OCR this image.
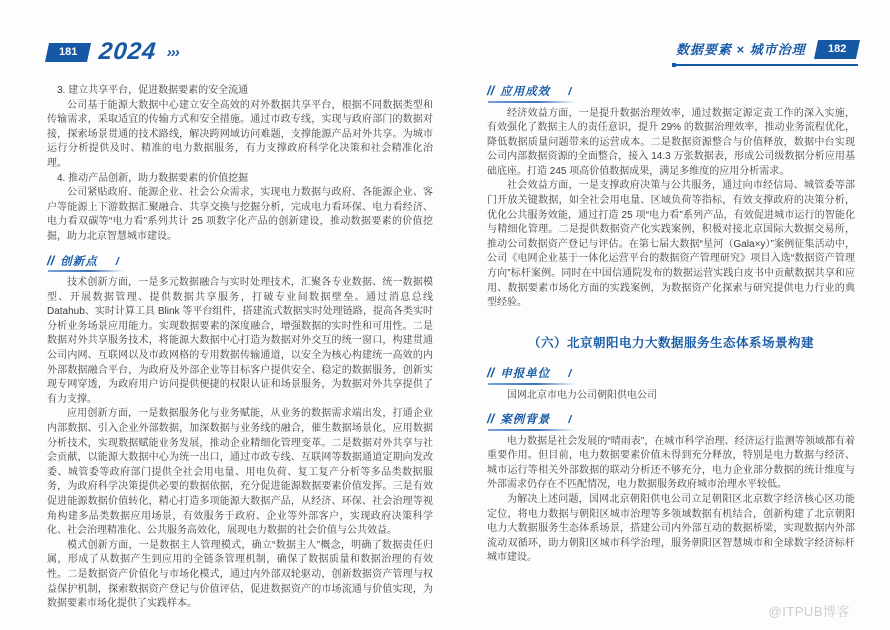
181 2024 ›››	数据要素 × 城市治理	182

3. 建立共享平台，促进数据要素的安全流通

公司基于能源大数据中心建立安全高效的对外数据共享平台，根据不同数据类型和传输需求，采取适宜的传输方式和安全措施。通过市政专线，实现与政府部门的数据对接，探索场景贯通的技术路线，解决跨网域访问难题，支撑能源产品对外共享。为城市运行分析提供及时、精准的电力数据服务，有力支撑政府科学化决策和社会精准化治理。

4. 推动产品创新，助力数据要素的价值挖掘

公司紧贴政府、能源企业、社会公众需求，实现电力数据与政府、各能源企业、客户等能源上下游数据汇聚融合、共享交换与挖掘分析，完成电力看环保、电力看经济、电力看双碳等“电力看”系列共计 25 项数字化产品的创新建设，推动数据要素的价值挖掘，助力北京智慧城市建设。

// 创新点 /

技术创新方面，一是多元数据融合与实时处理技术，汇聚各专业数据、统一数据模型、开展数据管理、提供数据共享服务，打破专业间数据壁垒。通过消息总线 Datahub、实时计算工具 Blink 等平台组件，搭建流式数据实时处理链路，提高各类实时分析业务场景应用能力。实现数据要素的深度融合，增强数据的实时性和可用性。二是数据对外共享服务技术，将能源大数据中心打造为数据对外交互的统一窗口，构建贯通公司内网、互联网以及市政网格的专用数据传输通道，以安全为核心构建统一高效的内外部数据融合平台，为政府及外部企业等目标客户提供安全、稳定的数据服务，创新实现专网穿透，为政府用户访问提供便捷的权限认证和场景服务，为数据对外共享提供了有力支撑。

应用创新方面，一是数据服务化与业务赋能，从业务的数据需求端出发，打通企业内部数据、引入企业外部数据，加深数据与业务线的融合，催生数据场景化，应用数据分析技术，实现数据赋能业务发展，推动企业精细化管理变革。二是数据对外共享与社会贡献，以能源大数据中心为统一出口，通过市政专线、互联网等数据通道定期向发改委、城管委等政府部门提供全社会用电量、用电负荷、复工复产分析等多品类数据服务，为政府科学决策提供必要的数据依据，充分促进能源数据要素价值发挥。三是有效促进能源数据价值转化，精心打造多项能源大数据产品，从经济、环保、社会治理等视角构建多品类数据应用场景，有效服务于政府、企业等外部客户，实现政府决策科学化、社会治理精准化、公共服务高效化，展现电力数据的社会价值与公共效益。

模式创新方面，一是数据主人管理模式，确立“数据主人”概念，明确了数据责任归属，形成了从数据产生到应用的全链条管理机制，确保了数据质量和数据治理的有效性。二是数据资产价值化与市场化模式，通过内外部双轮驱动，创新数据资产管理与权益保护机制，探索数据资产登记与价值评估，促进数据资产的市场流通与价值实现，为数据要素市场化提供了实践样本。

// 应用成效 /

经济效益方面，一是提升数据治理效率，通过数据定源定责工作的深入实施，有效强化了数据主人的责任意识，提升 29% 的数据治理效率，推动业务流程优化，降低数据质量问题带来的运营成本。二是数据资源整合与价值释放，数据中台实现公司内部数据资源的全面整合，接入 14.3 万张数据表，形成公司级数据分析应用基础底座。打造 245 项高价值数据成果，满足多维度的应用分析需求。

社会效益方面，一是支撑政府决策与公共服务，通过向市经信局、城管委等部门开放关键数据，如全社会用电量、区域负荷等指标，有效支撑政府的决策分析，优化公共服务效能，通过打造 25 项“电力看”系列产品，有效促进城市运行的智能化与精细化管理。二是提供数据资产化实践案例，积极对接北京国际大数据交易所，推动公司数据资产登记与评估。在第七届大数据“星河（Gala×y）”案例征集活动中，公司《电网企业基于一体化运营平台的数据资产管理研究》项目入选“数据资产管理方向”标杆案例。同时在中国信通院发布的数据运营实践白皮书中贡献数据共享和应用、数据要素市场化方面的实践案例，为数据资产化探索与研究提供电力行业的典型经验。

（六）北京朝阳电力大数据服务生态体系场景构建
// 申报单位 /

国网北京市电力公司朝阳供电公司

// 案例背景 /

电力数据是社会发展的“晴雨表”，在城市科学治理、经济运行监测等领域都有着重要作用。但目前，电力数据要素价值未得到充分释放，特别是电力数据与经济、城市运行等相关外部数据的联动分析还不够充分，电力企业部分数据的统计维度与外部需求仍存在不匹配情况，电力数据服务政府城市治理水平较低。

为解决上述问题，国网北京朝阳供电公司立足朝阳区北京数字经济核心区功能定位，将电力数据与朝阳区城市治理等多领域数据有机结合，创新构建了北京朝阳电力大数据服务生态体系场景，搭建公司内外部互动的数据桥梁，实现数据内外部流动双循环，助力朝阳区城市科学治理，服务朝阳区智慧城市和全球数字经济标杆城市建设。

@ITPUB博客
